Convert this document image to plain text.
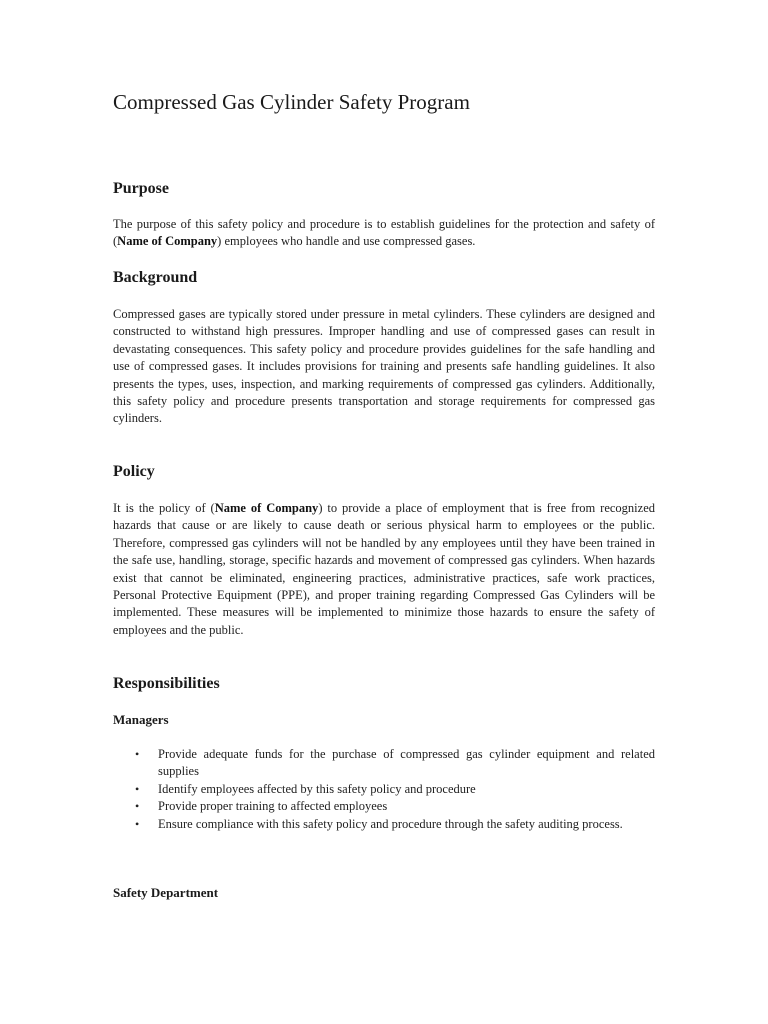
Compressed Gas Cylinder Safety Program
Purpose

The purpose of this safety policy and procedure is to establish guidelines for the protection and safety of (Name of Company) employees who handle and use compressed gases.

Background

Compressed gases are typically stored under pressure in metal cylinders. These cylinders are designed and constructed to withstand high pressures. Improper handling and use of compressed gases can result in devastating consequences. This safety policy and procedure provides guidelines for the safe handling and use of compressed gases. It includes provisions for training and presents safe handling guidelines. It also presents the types, uses, inspection, and marking requirements of compressed gas cylinders. Additionally, this safety policy and procedure presents transportation and storage requirements for compressed gas cylinders.

Policy

It is the policy of (Name of Company) to provide a place of employment that is free from recognized hazards that cause or are likely to cause death or serious physical harm to employees or the public. Therefore, compressed gas cylinders will not be handled by any employees until they have been trained in the safe use, handling, storage, specific hazards and movement of compressed gas cylinders. When hazards exist that cannot be eliminated, engineering practices, administrative practices, safe work practices, Personal Protective Equipment (PPE), and proper training regarding Compressed Gas Cylinders will be implemented. These measures will be implemented to minimize those hazards to ensure the safety of employees and the public.

Responsibilities
Managers
• Provide adequate funds for the purchase of compressed gas cylinder equipment and related supplies
• Identify employees affected by this safety policy and procedure
• Provide proper training to affected employees
• Ensure compliance with this safety policy and procedure through the safety auditing process.
Safety Department
